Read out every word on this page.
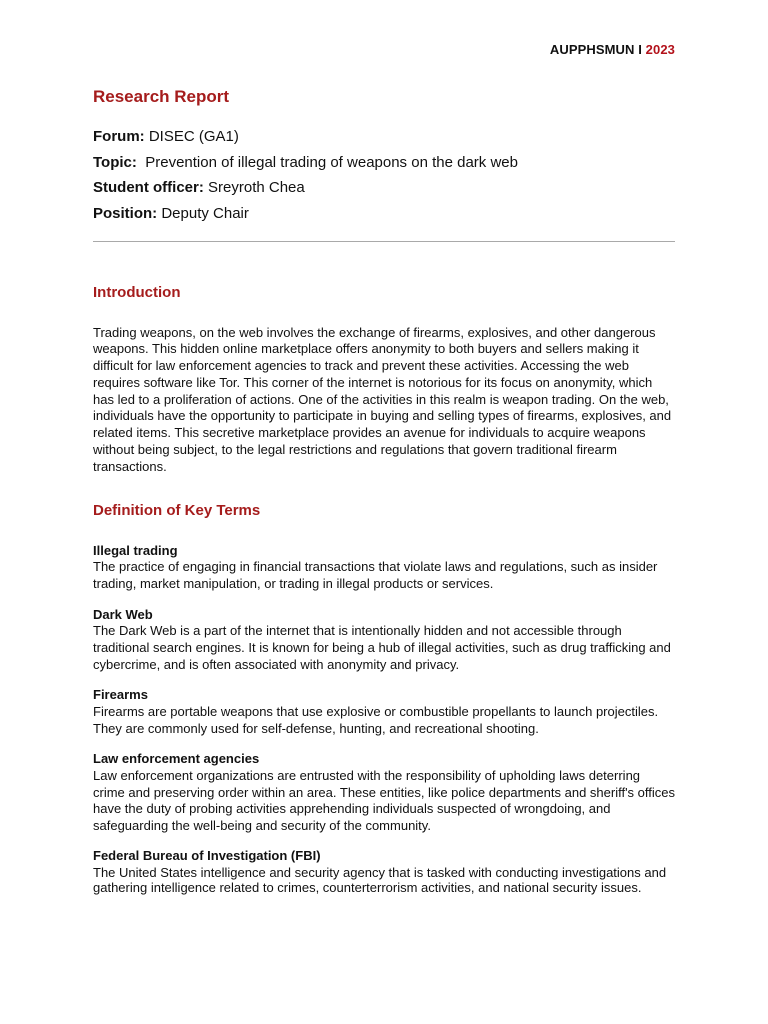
AUPPHSMUN I 2023
Research Report

Forum: DISEC (GA1)

Topic:  Prevention of illegal trading of weapons on the dark web

Student officer: Sreyroth Chea

Position: Deputy Chair

Introduction

Trading weapons, on the web involves the exchange of firearms, explosives, and other dangerous weapons. This hidden online marketplace offers anonymity to both buyers and sellers making it difficult for law enforcement agencies to track and prevent these activities. Accessing the web requires software like Tor. This corner of the internet is notorious for its focus on anonymity, which has led to a proliferation of actions. One of the activities in this realm is weapon trading. On the web, individuals have the opportunity to participate in buying and selling types of firearms, explosives, and related items. This secretive marketplace provides an avenue for individuals to acquire weapons without being subject, to the legal restrictions and regulations that govern traditional firearm transactions.

Definition of Key Terms

Illegal trading

The practice of engaging in financial transactions that violate laws and regulations, such as insider trading, market manipulation, or trading in illegal products or services.

Dark Web

The Dark Web is a part of the internet that is intentionally hidden and not accessible through traditional search engines. It is known for being a hub of illegal activities, such as drug trafficking and cybercrime, and is often associated with anonymity and privacy.

Firearms

Firearms are portable weapons that use explosive or combustible propellants to launch projectiles. They are commonly used for self-defense, hunting, and recreational shooting.

Law enforcement agencies

Law enforcement organizations are entrusted with the responsibility of upholding laws deterring crime and preserving order within an area. These entities, like police departments and sheriff's offices have the duty of probing activities apprehending individuals suspected of wrongdoing, and safeguarding the well-being and security of the community.

Federal Bureau of Investigation (FBI)

The United States intelligence and security agency that is tasked with conducting investigations and gathering intelligence related to crimes, counterterrorism activities, and national security issues.
